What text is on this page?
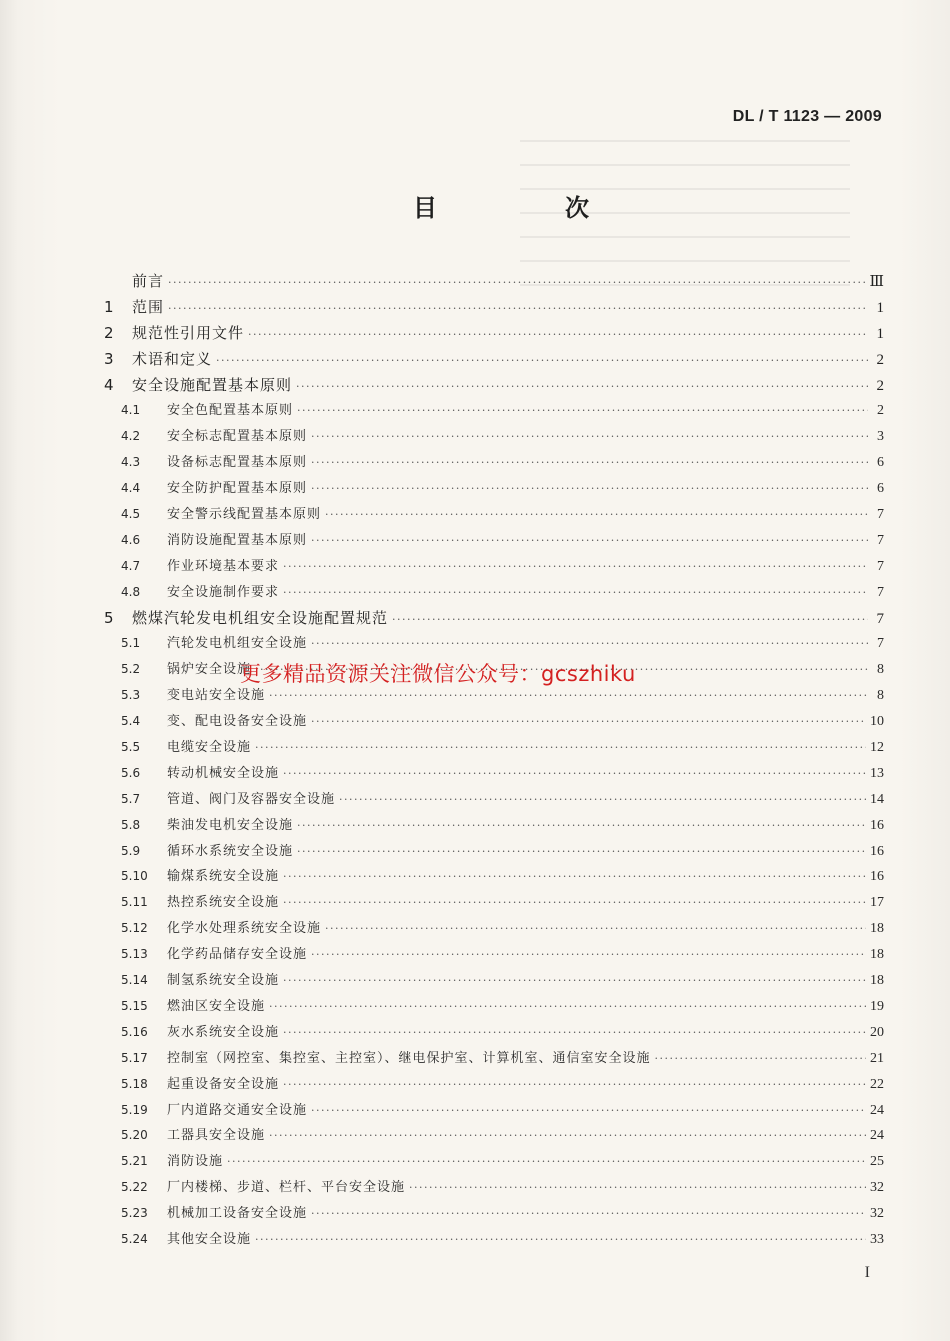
DL / T 1123 — 2009
目　次
前言 ·····	Ⅲ
1	范围 ·····	1
2	规范性引用文件 ·····	1
3	术语和定义 ·····	2
4	安全设施配置基本原则 ·····	2
4.1	安全色配置基本原则 ·····	2
4.2	安全标志配置基本原则 ·····	3
4.3	设备标志配置基本原则 ·····	6
4.4	安全防护配置基本原则 ·····	6
4.5	安全警示线配置基本原则 ·····	7
4.6	消防设施配置基本原则 ·····	7
4.7	作业环境基本要求 ·····	7
4.8	安全设施制作要求 ·····	7
5	燃煤汽轮发电机组安全设施配置规范 ·····	7
5.1	汽轮发电机组安全设施 ·····	7
5.2	锅炉安全设施 ·····	8
5.3	变电站安全设施 ·····	8
5.4	变、配电设备安全设施 ·····	10
5.5	电缆安全设施 ·····	12
5.6	转动机械安全设施 ·····	13
5.7	管道、阀门及容器安全设施 ·····	14
5.8	柴油发电机安全设施 ·····	16
5.9	循环水系统安全设施 ·····	16
5.10	输煤系统安全设施 ·····	16
5.11	热控系统安全设施 ·····	17
5.12	化学水处理系统安全设施 ·····	18
5.13	化学药品储存安全设施 ·····	18
5.14	制氢系统安全设施 ·····	18
5.15	燃油区安全设施 ·····	19
5.16	灰水系统安全设施 ·····	20
5.17	控制室（网控室、集控室、主控室）、继电保护室、计算机室、通信室安全设施 ·····	21
5.18	起重设备安全设施 ·····	22
5.19	厂内道路交通安全设施 ·····	24
5.20	工器具安全设施 ·····	24
5.21	消防设施 ·····	25
5.22	厂内楼梯、步道、栏杆、平台安全设施 ·····	32
5.23	机械加工设备安全设施 ·····	32
5.24	其他安全设施 ·····	33
更多精品资源关注微信公众号：gcszhiku
I
